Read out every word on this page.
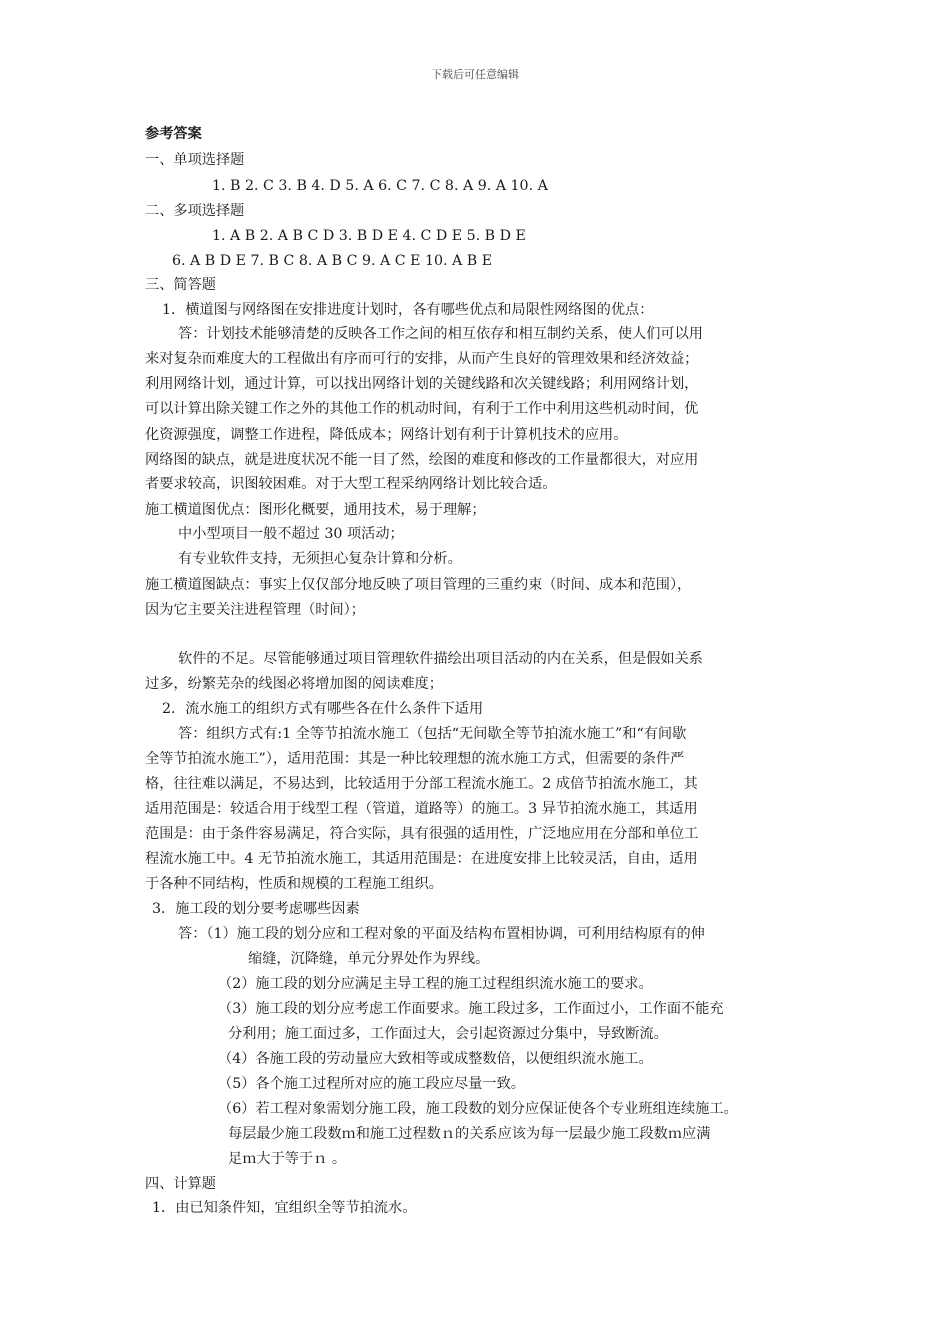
下载后可任意编辑
参考答案
一、单项选择题
1. B 2. C 3. B 4. D 5. A 6. C 7. C 8. A 9. A 10. A
二、多项选择题
1. A B 2. A B C D 3. B D E 4. C D E 5. B D E
6. A B D E 7. B C 8. A B C 9. A C E 10. A B E
三、简答题
1．横道图与网络图在安排进度计划时，各有哪些优点和局限性网络图的优点：
答：计划技术能够清楚的反映各工作之间的相互依存和相互制约关系，使人们可以用
来对复杂而难度大的工程做出有序而可行的安排，从而产生良好的管理效果和经济效益；
利用网络计划，通过计算，可以找出网络计划的关键线路和次关键线路；利用网络计划，
可以计算出除关键工作之外的其他工作的机动时间，有利于工作中利用这些机动时间，优
化资源强度，调整工作进程，降低成本；网络计划有利于计算机技术的应用。
网络图的缺点，就是进度状况不能一目了然，绘图的难度和修改的工作量都很大，对应用
者要求较高，识图较困难。对于大型工程采纳网络计划比较合适。
施工横道图优点：图形化概要，通用技术，易于理解；
中小型项目一般不超过 30 项活动；
有专业软件支持，无须担心复杂计算和分析。
施工横道图缺点：事实上仅仅部分地反映了项目管理的三重约束（时间、成本和范围），
因为它主要关注进程管理（时间）；
软件的不足。尽管能够通过项目管理软件描绘出项目活动的内在关系，但是假如关系
过多，纷繁芜杂的线图必将增加图的阅读难度；
2．流水施工的组织方式有哪些各在什么条件下适用
答：组织方式有:1 全等节拍流水施工（包括“无间歇全等节拍流水施工”和“有间歇
全等节拍流水施工”），适用范围：其是一种比较理想的流水施工方式，但需要的条件严
格，往往难以满足，不易达到，比较适用于分部工程流水施工。2 成倍节拍流水施工，其
适用范围是：较适合用于线型工程（管道，道路等）的施工。3 异节拍流水施工，其适用
范围是：由于条件容易满足，符合实际，具有很强的适用性，广泛地应用在分部和单位工
程流水施工中。4 无节拍流水施工，其适用范围是：在进度安排上比较灵活，自由，适用
于各种不同结构，性质和规模的工程施工组织。
3．施工段的划分要考虑哪些因素
答：（1）施工段的划分应和工程对象的平面及结构布置相协调，可利用结构原有的伸
缩缝，沉降缝，单元分界处作为界线。
（2）施工段的划分应满足主导工程的施工过程组织流水施工的要求。
（3）施工段的划分应考虑工作面要求。施工段过多，工作面过小，工作面不能充
分利用；施工面过多，工作面过大，会引起资源过分集中，导致断流。
（4）各施工段的劳动量应大致相等或成整数倍，以便组织流水施工。
（5）各个施工过程所对应的施工段应尽量一致。
（6）若工程对象需划分施工段，施工段数的划分应保证使各个专业班组连续施工。
每层最少施工段数ｍ和施工过程数ｎ的关系应该为每一层最少施工段数ｍ应满
足ｍ大于等于ｎ 。
四、计算题
1．由已知条件知，宜组织全等节拍流水。
